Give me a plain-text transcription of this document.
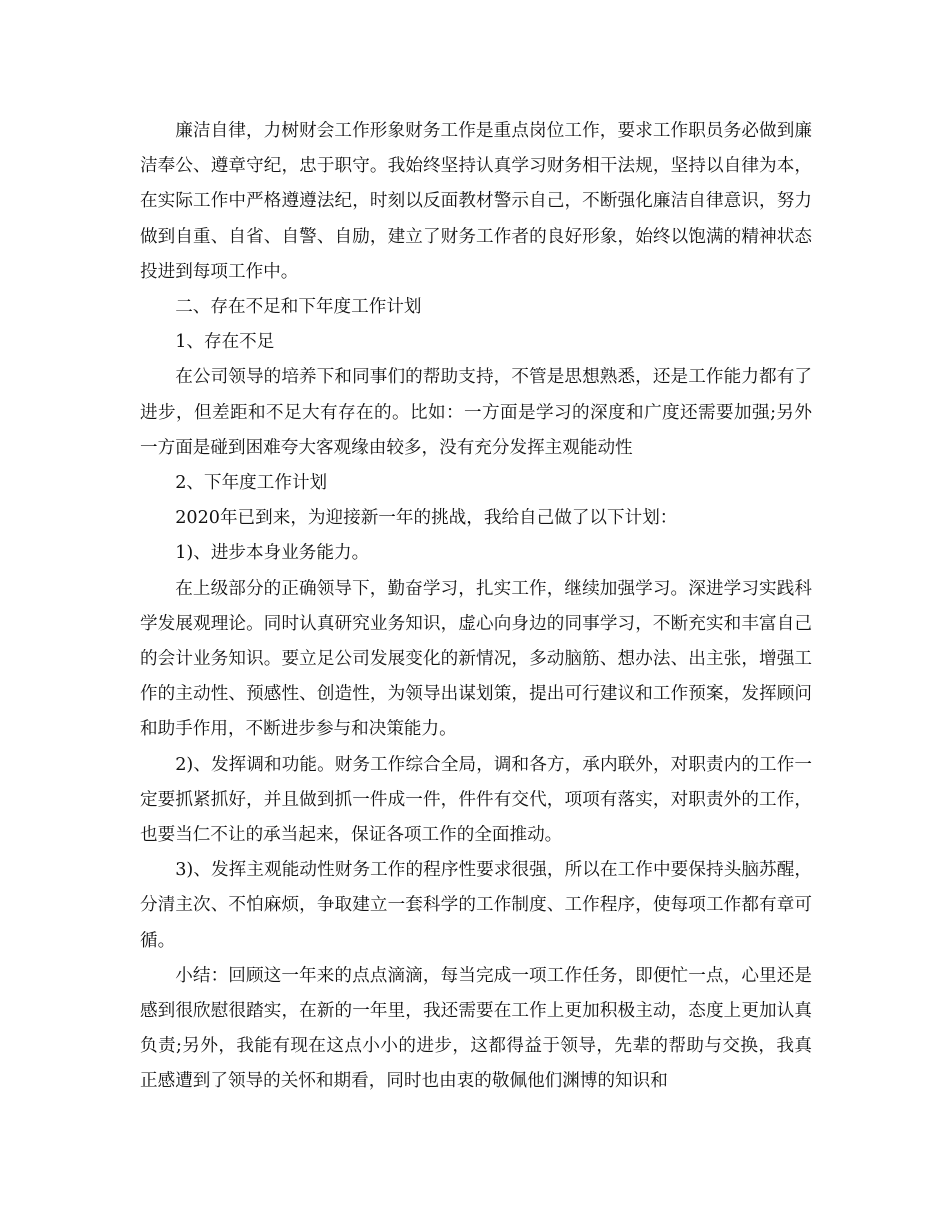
廉洁自律，力树财会工作形象财务工作是重点岗位工作，要求工作职员务必做到廉洁奉公、遵章守纪，忠于职守。我始终坚持认真学习财务相干法规，坚持以自律为本，在实际工作中严格遵遵法纪，时刻以反面教材警示自己，不断强化廉洁自律意识，努力做到自重、自省、自警、自励，建立了财务工作者的良好形象，始终以饱满的精神状态投进到每项工作中。

二、存在不足和下年度工作计划

1、存在不足

在公司领导的培养下和同事们的帮助支持，不管是思想熟悉，还是工作能力都有了进步，但差距和不足大有存在的。比如：一方面是学习的深度和广度还需要加强;另外一方面是碰到困难夸大客观缘由较多，没有充分发挥主观能动性

2、下年度工作计划

2020年已到来，为迎接新一年的挑战，我给自己做了以下计划：

1)、进步本身业务能力。

在上级部分的正确领导下，勤奋学习，扎实工作，继续加强学习。深进学习实践科学发展观理论。同时认真研究业务知识，虚心向身边的同事学习，不断充实和丰富自己的会计业务知识。要立足公司发展变化的新情况，多动脑筋、想办法、出主张，增强工作的主动性、预感性、创造性，为领导出谋划策，提出可行建议和工作预案，发挥顾问和助手作用，不断进步参与和决策能力。

2)、发挥调和功能。财务工作综合全局，调和各方，承内联外，对职责内的工作一定要抓紧抓好，并且做到抓一件成一件，件件有交代，项项有落实，对职责外的工作，也要当仁不让的承当起来，保证各项工作的全面推动。

3)、发挥主观能动性财务工作的程序性要求很强，所以在工作中要保持头脑苏醒，分清主次、不怕麻烦，争取建立一套科学的工作制度、工作程序，使每项工作都有章可循。

小结：回顾这一年来的点点滴滴，每当完成一项工作任务，即便忙一点，心里还是感到很欣慰很踏实，在新的一年里，我还需要在工作上更加积极主动，态度上更加认真负责;另外，我能有现在这点小小的进步，这都得益于领导，先辈的帮助与交换，我真正感遭到了领导的关怀和期看，同时也由衷的敬佩他们渊博的知识和
